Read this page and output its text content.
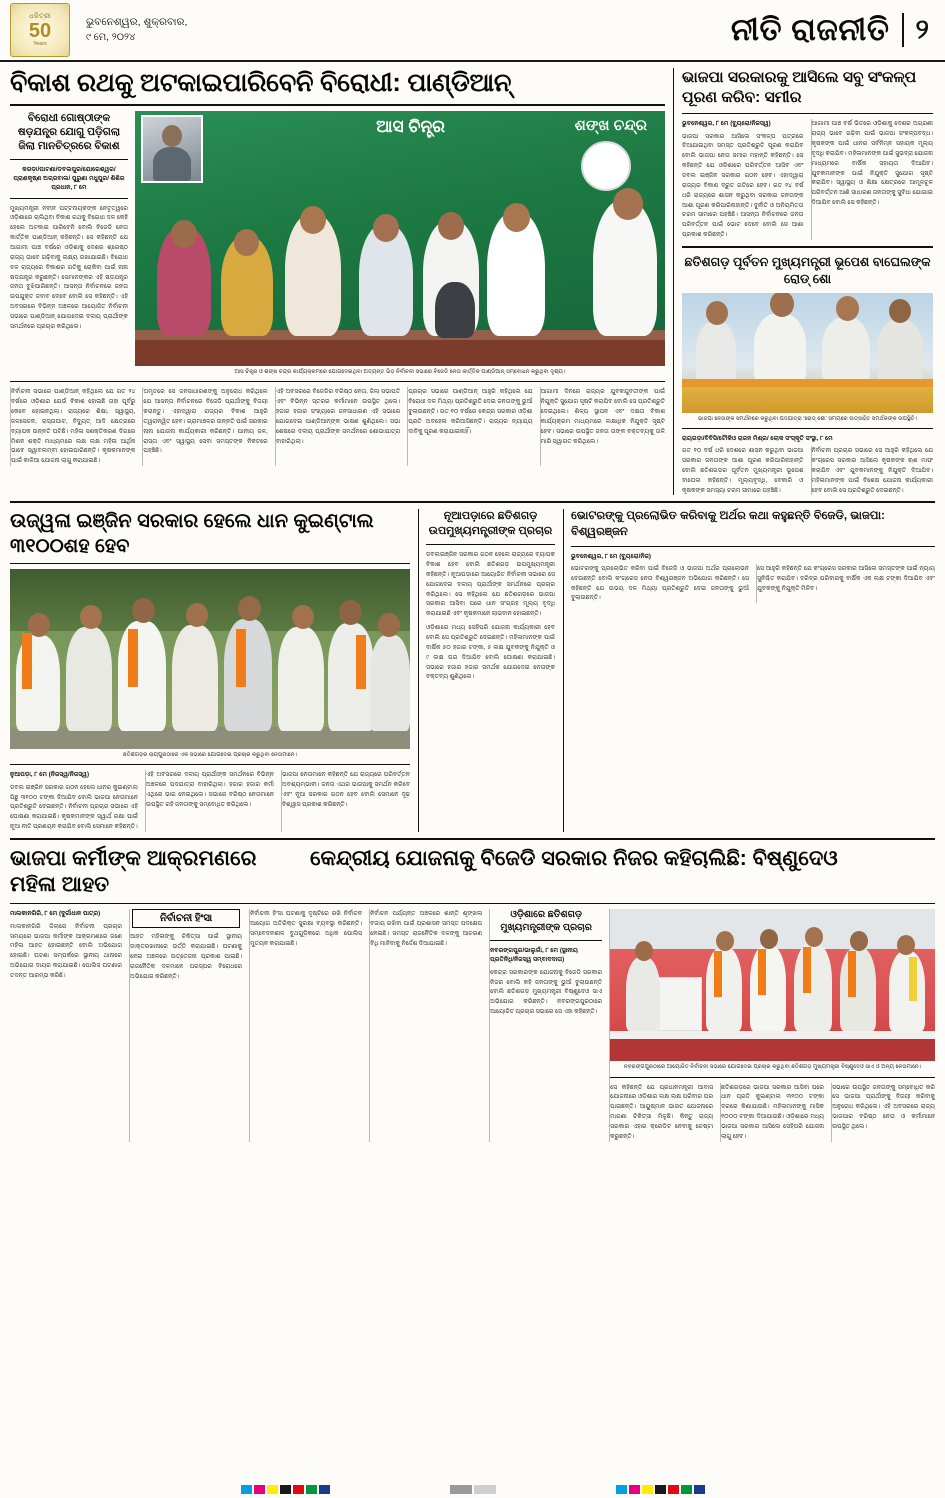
ଧରିତ୍ରୀ
50
Years
ଭୁବନେଶ୍ୱର, ଶୁକ୍ରବାର,
୯ ମେ, ୨୦୨୪	ନୀତି ରାଜନୀତି ୨
ବିକାଶ ରଥକୁ ଅଟକାଇପାରିବେନି ବିରୋଧୀ: ପାଣ୍ଡିଆନ୍
ବିରୋଧୀ ଗୋଷ୍ଠୀଙ୍କ ଷଡ଼ଯନ୍ତ୍ର ଯୋଗୁ ପଡ଼ିଗଲା ଜିଲା ମାନଚିତ୍ରରେ ବିକାଶ
କରଡ଼ା/ପାଟଣା/ଡବଲପୁର/ଯୋଗେଶ୍ୱର/ ପ୍ରାଣକୃଷ୍ଣ ଅଗ୍ରବାଲ/ ପୁରୁଣା ମଧୁପୁର/ ଶିଶିର ପ୍ରଧାନ, ୮ ମେ
ମୁଖ୍ୟମନ୍ତ୍ରୀ ନବୀନ ପଟ୍ଟନାୟକଙ୍କ ନେତୃତ୍ୱରେ ଓଡ଼ିଶାରେ ଚାଲିଥିବା ବିକାଶ ରଥକୁ ବିରୋଧୀ ଦଳ କେହି ହେଲେ ଅଟକାଇ ପାରିବେନି ବୋଲି ବିଜେଡି ନେତା କାର୍ତ୍ତିକ ପାଣ୍ଡିଆନ୍ କହିଛନ୍ତି। ସେ କହିଛନ୍ତି ଯେ ଆଗାମୀ ପାଞ୍ଚ ବର୍ଷରେ ଓଡ଼ିଶାକୁ ଦେଶର ଶ୍ରେଷ୍ଠ ରାଜ୍ୟ ଭାବେ ଗଢ଼ିବାକୁ ଲକ୍ଷ୍ୟ ରଖାଯାଇଛି। ବିରୋଧୀ ଦଳ ରାଜ୍ୟରେ ବିକାଶର ଗତିକୁ ରୋକିବା ପାଇଁ ନାନା ଷଡ଼ଯନ୍ତ୍ର କରୁଛନ୍ତି। ସେମାନଙ୍କର ଏହି ଷଡ଼ଯନ୍ତ୍ର ଜନତା ବୁଝିପାରିଛନ୍ତି। ଆସନ୍ତା ନିର୍ବାଚନରେ ଜନତା ଉପଯୁକ୍ତ ଜବାବ ଦେବେ ବୋଲି ସେ କହିଛନ୍ତି। ଏହି ଅବସରରେ ବିଭିନ୍ନ ଅଞ୍ଚଳରେ ଆୟୋଜିତ ନିର୍ବାଚନୀ ସଭାରେ ପାଣ୍ଡିଆନ୍ ଯୋଗଦେଇ ଦଳୀୟ ପ୍ରାର୍ଥୀଙ୍କ ସମର୍ଥନରେ ପ୍ରଚାର କରିଥିଲେ।
ଆସ ଚିନ୍ତ୍ର	ଶଙ୍ଖ ଚନ୍ଦ୍ର
ଆସ ଚିନ୍ତ୍ର ଓ ଶଙ୍ଖ ଚନ୍ଦ୍ର କାର୍ଯ୍ୟକ୍ରମରେ ଯୋଗଦେଇଥିବା ଅତ୍ୟନ୍ତ ଭିଡ଼ ନିର୍ବାଚନୀ ସଭାରେ ବିଜେଡି ନେତା କାର୍ତ୍ତିକ ପାଣ୍ଡିଆନ୍ ସମ୍ବୋଧନ କରୁଥିବା ଦୃଶ୍ୟ।
ନିର୍ବାଚନୀ ସଭାରେ ପାଣ୍ଡିଆନ୍ କହିଥିଲେ ଯେ ଗତ ୨୪ ବର୍ଷରେ ଓଡ଼ିଶାର ଯେଉଁ ବିକାଶ ହୋଇଛି ତାହା ପୂର୍ବରୁ କେବେ ହୋଇନଥିଲା। ରାଜ୍ୟରେ ଶିକ୍ଷା, ସ୍ୱାସ୍ଥ୍ୟ, ଜଳସେଚନ, ରାସ୍ତାଘାଟ, ବିଦ୍ୟୁତ୍ ଆଦି କ୍ଷେତ୍ରରେ ବ୍ୟାପକ ଉନ୍ନତି ଘଟିଛି। ମହିଳା ସଶକ୍ତିକରଣ ଦିଗରେ ମିଶନ ଶକ୍ତି ମାଧ୍ୟମରେ ଲକ୍ଷ ଲକ୍ଷ ମହିଳା ଆର୍ଥିକ ଭାବେ ସ୍ୱାବଲମ୍ବୀ ହୋଇପାରିଛନ୍ତି। କୃଷକମାନଙ୍କ ପାଇଁ କାଳିଆ ଯୋଜନା ଲାଗୁ କରାଯାଇଛି।
ଅମୃତରେ ସେ ଜନସାଧାରଣଙ୍କୁ ଅନୁରୋଧ କରିଥିଲେ ଯେ ଆସନ୍ତା ନିର୍ବାଚନରେ ବିଜେଡି ପ୍ରାର୍ଥୀଙ୍କୁ ବିଜୟୀ କରାନ୍ତୁ। ଏହାଦ୍ୱାରା ରାଜ୍ୟର ବିକାଶ ଆହୁରି ତ୍ୱରାନ୍ୱିତ ହେବ। ଗ୍ରାମାଞ୍ଚଳର ଉନ୍ନତି ପାଇଁ ସରକାର ନାନା ଯୋଜନା କାର୍ଯ୍ୟକାରୀ କରିଛନ୍ତି। ପାନୀୟ ଜଳ, ରାସ୍ତା ଏବଂ ସ୍ୱାସ୍ଥ୍ୟ ସେବା ସମସ୍ତଙ୍କ ନିକଟରେ ପହଞ୍ଚିଛି।
ଏହି ଅବସରରେ ବିଜେଡିର ବରିଷ୍ଠ ନେତା, ଜିଲା ସଭାପତି ଏବଂ ବିଭିନ୍ନ ସ୍ତରର କର୍ମୀମାନେ ଉପସ୍ଥିତ ଥିଲେ। ହଜାର ହଜାର ସଂଖ୍ୟାରେ ଜନସାଧାରଣ ଏହି ସଭାରେ ଯୋଗଦେଇ ପାଣ୍ଡିଆନ୍ଙ୍କ ଭାଷଣ ଶୁଣିଥିଲେ। ସଭା ଶେଷରେ ଦଳୀୟ ପ୍ରାର୍ଥୀଙ୍କ ସମର୍ଥନରେ ଶୋଭାଯାତ୍ରା ବାହାରିଥିଲା।
ପ୍ରଚାର ସଭାରେ ପାଣ୍ଡିଆନ୍ ଆହୁରି କହିଥିଲେ ଯେ ବିରୋଧୀ ଦଳ ମିଥ୍ୟା ପ୍ରତିଶ୍ରୁତି ଦେଇ ଜନତାଙ୍କୁ ଭୁଆଁ ବୁଲାଉଛନ୍ତି। ଗତ ୧୦ ବର୍ଷରେ କେନ୍ଦ୍ର ସରକାର ଓଡ଼ିଶା ପ୍ରତି ଅବହେଳା କରିଆସିଛନ୍ତି। ରାଜ୍ୟର ନ୍ୟାଯ୍ୟ ଦାବିକୁ ପୂରଣ କରାଯାଇନାହିଁ।
ଆଗାମୀ ଦିନରେ ରାଜ୍ୟର ଯୁବକଯୁବତୀଙ୍କ ପାଇଁ ନିଯୁକ୍ତି ସୁଯୋଗ ସୃଷ୍ଟି କରାଯିବ ବୋଲି ସେ ପ୍ରତିଶ୍ରୁତି ଦେଇଥିଲେ। ଶିଳ୍ପ ସ୍ଥାପନ ଏବଂ ଦକ୍ଷତା ବିକାଶ କାର୍ଯ୍ୟକ୍ରମ ମାଧ୍ୟମରେ ଲକ୍ଷାଧିକ ନିଯୁକ୍ତି ସୃଷ୍ଟି ହେବ। ସଭାରେ ଉପସ୍ଥିତ ଜନତା ତାଙ୍କ ବକ୍ତବ୍ୟକୁ ତାଳି ମାରି ସ୍ୱାଗତ କରିଥିଲେ।
ଭାଜପା ସରକାରକୁ ଆସିଲେ ସବୁ ସଂକଳ୍ପ ପୂରଣ କରିବ: ସମୀର
ଭୁବନେଶ୍ୱର, ୮ ମେ (ବ୍ୟୁରୋ/ନିଜସ୍ୱ)
ଭାଜପା ସରକାର ଆସିଲେ ସଂକଳ୍ପ ପତ୍ରରେ ଦିଆଯାଇଥିବା ସମସ୍ତ ପ୍ରତିଶ୍ରୁତି ପୂରଣ କରାଯିବ ବୋଲି ଭାଜପା ନେତା ସମୀର ମହାନ୍ତି କହିଛନ୍ତି। ସେ କହିଛନ୍ତି ଯେ ଓଡ଼ିଶାରେ ପରିବର୍ତ୍ତନ ଆସିବ ଏବଂ ଡବଲ ଇଞ୍ଜିନ ସରକାର ଗଠନ ହେବ। ଏହାଦ୍ୱାରା ରାଜ୍ୟର ବିକାଶ ଦ୍ରୁତ ଗତିରେ ହେବ। ଗତ ୨୪ ବର୍ଷ ଧରି ରାଜ୍ୟରେ ଶାସନ କରୁଥିବା ସରକାର ଜନତାଙ୍କ ଆଶା ପୂରଣ କରିପାରିନାହାନ୍ତି। ଦୁର୍ନୀତି ଓ ଅନିୟମିତତା ଚରମ ସୀମାରେ ପହଞ୍ଚିଛି। ଆସନ୍ତା ନିର୍ବାଚନରେ ଜନତା ପରିବର୍ତ୍ତନ ପାଇଁ ଭୋଟ ଦେବେ ବୋଲି ସେ ଆଶା ପ୍ରକାଶ କରିଛନ୍ତି।
ଆଗାମୀ ପାଞ୍ଚ ବର୍ଷ ଭିତରେ ଓଡ଼ିଶାକୁ ଦେଶର ଅଗ୍ରଣୀ ରାଜ୍ୟ ଭାବେ ଗଢ଼ିବା ପାଇଁ ଭାଜପା ସଂକଳ୍ପବଦ୍ଧ। କୃଷକଙ୍କ ପାଇଁ ଧାନର ସର୍ବନିମ୍ନ ସହାୟକ ମୂଲ୍ୟ ବୃଦ୍ଧି କରାଯିବ। ମହିଳାମାନଙ୍କ ପାଇଁ ସୁଭଦ୍ରା ଯୋଜନା ମାଧ୍ୟମରେ ବାର୍ଷିକ ସହାୟତା ଦିଆଯିବ। ଯୁବକମାନଙ୍କ ପାଇଁ ନିଯୁକ୍ତି ସୁଯୋଗ ସୃଷ୍ଟି କରାଯିବ। ସ୍ୱାସ୍ଥ୍ୟ ଓ ଶିକ୍ଷା କ୍ଷେତ୍ରରେ ଆମୂଳଚୂଳ ପରିବର୍ତ୍ତନ ଆଣି ସାଧାରଣ ଜନତାଙ୍କୁ ସୁବିଧା ଯୋଗାଇ ଦିଆଯିବ ବୋଲି ସେ କହିଛନ୍ତି।
ଛତିଶଗଡ଼ ପୂର୍ବତନ ମୁଖ୍ୟମନ୍ତ୍ରୀ ଭୂପେଶ ବାଘେଲଙ୍କ ରୋଡ୍ ଶୋ
ଭାଜପା ନେତାଙ୍କ ସମର୍ଥନରେ କରୁଥିବା ପଦଯାତ୍ରା 'ରୋଡ୍ ଶୋ' ସମୟରେ ଉତ୍ସାହିତ ସମର୍ଥକଙ୍କ ଉପସ୍ଥିତି।
ରାୟଗଡ଼ା/ବିବିସି/ଟୌକିଓ ରାଜନ ମିଶ୍ର/ ଲୋକ ସଂସ୍କୃତି ସଂସ୍ଥା, ୮ ମେ
ଗତ ୧୦ ବର୍ଷ ଧରି ଦେଶରେ ଶାସନ କରୁଥିବା ଭାଜପା ସରକାର ଜନତାଙ୍କ ଆଶା ପୂରଣ କରିପାରିନାହାନ୍ତି ବୋଲି ଛତିଶଗଡ଼ର ପୂର୍ବତନ ମୁଖ୍ୟମନ୍ତ୍ରୀ ଭୂପେଶ ବାଘେଲ କହିଛନ୍ତି। ମୂଲ୍ୟବୃଦ୍ଧି, ବେକାରି ଓ କୃଷକଙ୍କ ସମସ୍ୟା ଚରମ ସୀମାରେ ପହଞ୍ଚିଛି।
ନିର୍ବାଚନୀ ପ୍ରଚାର ସଭାରେ ସେ ଆହୁରି କହିଥିଲେ ଯେ କଂଗ୍ରେସ ସରକାର ଆସିଲେ କୃଷକଙ୍କ ଋଣ ମାଫ କରାଯିବ ଏବଂ ଯୁବକମାନଙ୍କୁ ନିଯୁକ୍ତି ଦିଆଯିବ। ମହିଳାମାନଙ୍କ ପାଇଁ ବିଶେଷ ଯୋଜନା କାର୍ଯ୍ୟକାରୀ ହେବ ବୋଲି ସେ ପ୍ରତିଶ୍ରୁତି ଦେଇଛନ୍ତି।
ଉଜ୍ୱଳା ଇଞ୍ଜିନ ସରକାର ହେଲେ ଧାନ କୁଇଣ୍ଟାଲ ୩୧୦୦ଶହ ହେବ
ଛତିଶଗଡ଼ର ରାୟପୁରଠାରେ ଏକ ସଭାରେ ଯୋଗଦେଇ ପ୍ରଚାର କରୁଥିବା ନେତାମାନେ।
ନୁଆପଡ଼ା, ୮ ମେ (ନିଜସ୍ୱ/ନିଜସ୍ୱ)
ଡବଲ ଇଞ୍ଜିନ ସରକାର ଗଠନ ହେଲେ ଧାନର କୁଇଣ୍ଟାଲ ପିଛୁ ୩୧୦୦ ଟଙ୍କା ଦିଆଯିବ ବୋଲି ଭାଜପା ନେତାମାନେ ପ୍ରତିଶ୍ରୁତି ଦେଇଛନ୍ତି। ନିର୍ବାଚନୀ ପ୍ରଚାର ସଭାରେ ଏହି ଘୋଷଣା କରାଯାଇଛି। କୃଷକମାନଙ୍କ ସ୍ୱାର୍ଥ ରକ୍ଷା ପାଇଁ ନୂଆ ନୀତି ପ୍ରଣୟନ କରାଯିବ ବୋଲି ସେମାନେ କହିଛନ୍ତି।
ଏହି ଅବସରରେ ଦଳୀୟ ପ୍ରାର୍ଥୀଙ୍କ ସମର୍ଥନରେ ବିଭିନ୍ନ ଅଞ୍ଚଳରେ ପଦଯାତ୍ରା ବାହାରିଥିଲା। ହଜାର ହଜାର କର୍ମୀ ଏଥିରେ ଭାଗ ନେଇଥିଲେ। ସଭାରେ ବରିଷ୍ଠ ନେତାମାନେ ଉପସ୍ଥିତ ରହି ଜନତାଙ୍କୁ ସମ୍ବୋଧିତ କରିଥିଲେ।
ଭାଜପା ନେତାମାନେ କହିଛନ୍ତି ଯେ ରାଜ୍ୟରେ ପରିବର୍ତ୍ତନ ଅବଶ୍ୟମ୍ଭାବୀ। ଜନତା ଏଥର ଭାଜପାକୁ ସମର୍ଥନ କରିବେ ଏବଂ ନୂଆ ସରକାର ଗଠନ ହେବ ବୋଲି ସେମାନେ ଦୃଢ଼ ବିଶ୍ୱାସ ପ୍ରକାଶ କରିଛନ୍ତି।
ନୂଆପଡ଼ାରେ ଛତିଶଗଡ଼ ଉପମୁଖ୍ୟମନ୍ତ୍ରୀଙ୍କ ପ୍ରଚାର
ଡବଲଇଞ୍ଜିନ ସରକାର ଗଠନ ହେଲେ ରାଜ୍ୟରେ ବ୍ୟାପକ ବିକାଶ ହେବ ବୋଲି ଛତିଶଗଡ଼ ଉପମୁଖ୍ୟମନ୍ତ୍ରୀ କହିଛନ୍ତି। ନୂଆପଡ଼ାରେ ଆୟୋଜିତ ନିର୍ବାଚନୀ ସଭାରେ ସେ ଯୋଗଦେଇ ଦଳୀୟ ପ୍ରାର୍ଥୀଙ୍କ ସମର୍ଥନରେ ପ୍ରଚାର କରିଥିଲେ। ସେ କହିଥିଲେ ଯେ ଛତିଶଗଡ଼ରେ ଭାଜପା ସରକାର ଆସିବା ପରେ ଧାନ ସଂଗ୍ରହ ମୂଲ୍ୟ ବୃଦ୍ଧି କରାଯାଇଛି ଏବଂ କୃଷକମାନେ ଲାଭବାନ ହୋଇଛନ୍ତି।
ଓଡ଼ିଶାରେ ମଧ୍ୟ ସେହିପରି ଯୋଜନା କାର୍ଯ୍ୟକାରୀ ହେବ ବୋଲି ସେ ପ୍ରତିଶ୍ରୁତି ଦେଇଛନ୍ତି। ମହିଳାମାନଙ୍କ ପାଇଁ ବାର୍ଷିକ ୫୦ ହଜାର ଟଙ୍କା, ୫ ଲକ୍ଷ ଯୁବକଙ୍କୁ ନିଯୁକ୍ତି ଓ ୯ ଲକ୍ଷ ଘର ଦିଆଯିବ ବୋଲି ଘୋଷଣା କରାଯାଇଛି। ସଭାରେ ହଜାର ହଜାର ସମର୍ଥକ ଯୋଗଦେଇ ନେତାଙ୍କ ବକ୍ତବ୍ୟ ଶୁଣିଥିଲେ।
ଭୋଟରଙ୍କୁ ପ୍ରଲୋଭିତ କରିବାକୁ ଅର୍ଥର କଥା କହୁଛନ୍ତି ବିଜେଡି, ଭାଜପା: ବିଶ୍ୱରଞ୍ଜନ
ଭୁବନେଶ୍ୱର, ୮ ମେ (ବ୍ୟୁରୋ/ନିଜ)
ଭୋଟରଙ୍କୁ ପ୍ରଲୋଭିତ କରିବା ପାଇଁ ବିଜେଡି ଓ ଭାଜପା ଅର୍ଥର ପ୍ରଲୋଭନ ଦେଉଛନ୍ତି ବୋଲି କଂଗ୍ରେସ ନେତା ବିଶ୍ୱରଞ୍ଜନ ଅଭିଯୋଗ କରିଛନ୍ତି। ସେ କହିଛନ୍ତି ଯେ ଉଭୟ ଦଳ ମିଥ୍ୟା ପ୍ରତିଶ୍ରୁତି ଦେଇ ଜନତାଙ୍କୁ ଭୁଆଁ ବୁଲାଉଛନ୍ତି।
ସେ ଆହୁରି କହିଛନ୍ତି ଯେ କଂଗ୍ରେସ ସରକାର ଆସିଲେ ସମସ୍ତଙ୍କ ପାଇଁ ନ୍ୟାୟ ସୁନିଶ୍ଚିତ କରାଯିବ। ଦରିଦ୍ର ପରିବାରକୁ ବାର୍ଷିକ ଏକ ଲକ୍ଷ ଟଙ୍କା ଦିଆଯିବ ଏବଂ ଯୁବକଙ୍କୁ ନିଯୁକ୍ତି ମିଳିବ।
ଭାଜପା କର୍ମୀଙ୍କ ଆକ୍ରମଣରେ ମହିଳା ଆହତ
କେନ୍ଦ୍ରୀୟ ଯୋଜନାକୁ ବିଜେଡି ସରକାର ନିଜର କହିଚାଲିଛି: ବିଷ୍ଣୁଦେଓ
ମାଲକାନଗିରି, ୮ ମେ (ଦୁର୍ଗାଧାନ ପାତ୍ର)
ମାଲକାନଗିରି ଜିଲାରେ ନିର୍ବାଚନୀ ପ୍ରଚାର ସମୟରେ ଭାଜପା କର୍ମୀଙ୍କ ଆକ୍ରମଣରେ ଜଣେ ମହିଳା ଆହତ ହୋଇଛନ୍ତି ବୋଲି ଅଭିଯୋଗ ହୋଇଛି। ଘଟଣା ସମ୍ପର୍କରେ ସ୍ଥାନୀୟ ଥାନାରେ ଅଭିଯୋଗ ଦାୟର କରାଯାଇଛି। ପୋଲିସ ଘଟଣାର ତଦନ୍ତ ଆରମ୍ଭ କରିଛି।
ନିର୍ବାଚନୀ ହିଂସା
ଆହତ ମହିଳାଙ୍କୁ ଚିକିତ୍ସା ପାଇଁ ସ୍ଥାନୀୟ ଡାକ୍ତରଖାନାରେ ଭର୍ତ୍ତି କରାଯାଇଛି। ଘଟଣାକୁ ନେଇ ଅଞ୍ଚଳରେ ଉତ୍ତେଜନା ପ୍ରକାଶ ପାଇଛି। ରାଜନୈତିକ ଦଳମାନେ ପରସ୍ପର ବିରୋଧରେ ଅଭିଯୋଗ କରିଛନ୍ତି।
ନିର୍ବାଚନୀ ହିଂସା ଘଟଣାକୁ ଦୃଷ୍ଟିରେ ରଖି ନିର୍ବାଚନ ଆୟୋଗ ଅତିରିକ୍ତ ସୁରକ୍ଷା ବ୍ୟବସ୍ଥା କରିଛନ୍ତି। ସମ୍ବେଦନଶୀଳ ବୁଥଗୁଡ଼ିକରେ ଅଧିକ ପୋଲିସ ମୁତୟନ କରାଯାଇଛି।
ନିର୍ବାଚନ ପର୍ଯ୍ୟନ୍ତ ଅଞ୍ଚଳରେ ଶାନ୍ତି ଶୃଙ୍ଖଳା ବଜାୟ ରଖିବା ପାଇଁ ପ୍ରଶାସନ ସମସ୍ତ ପଦକ୍ଷେପ ନେଇଛି। ସମସ୍ତ ରାଜନୈତିକ ଦଳଙ୍କୁ ଆଚରଣ ବିଧି ମାନିବାକୁ ନିର୍ଦ୍ଦେଶ ଦିଆଯାଇଛି।
ଓଡ଼ିଶାରେ ଛତିଶଗଡ଼ ମୁଖ୍ୟମନ୍ତ୍ରୀଙ୍କ ପ୍ରଚାର
ନବରଙ୍ଗପୁର/ଭାଲୁଗାଁ, ୮ ମେ (ସ୍ଥାନୀୟ ପ୍ରତିନିଧି/ନିଜସ୍ୱ ସମ୍ବାଦଦାତା)
କେନ୍ଦ୍ର ସରକାରଙ୍କ ଯୋଜନାକୁ ବିଜେଡି ସରକାର ନିଜର ବୋଲି କହି ଜନତାଙ୍କୁ ଭୁଆଁ ବୁଲାଉଛନ୍ତି ବୋଲି ଛତିଶଗଡ଼ ମୁଖ୍ୟମନ୍ତ୍ରୀ ବିଷ୍ଣୁଦେଓ ସାଏ ଅଭିଯୋଗ କରିଛନ୍ତି। ନବରଙ୍ଗପୁରଠାରେ ଆୟୋଜିତ ପ୍ରଚାର ସଭାରେ ସେ ଏହା କହିଛନ୍ତି।
ନବରଙ୍ଗପୁରଠାରେ ଆୟୋଜିତ ନିର୍ବାଚନୀ ସଭାରେ ଯୋଗଦେଇ ପ୍ରଚାର କରୁଥିବା ଛତିଶଗଡ଼ ମୁଖ୍ୟମନ୍ତ୍ରୀ ବିଷ୍ଣୁଦେଓ ସାଏ ଓ ଅନ୍ୟ ନେତାମାନେ।
ସେ କହିଛନ୍ତି ଯେ ପ୍ରଧାନମନ୍ତ୍ରୀ ଆବାସ ଯୋଜନାରେ ଓଡ଼ିଶାର ଲକ୍ଷ ଲକ୍ଷ ପରିବାର ଘର ପାଇଛନ୍ତି। ଆୟୁଷ୍ମାନ ଭାରତ ଯୋଜନାରେ ମାଗଣା ଚିକିତ୍ସା ମିଳୁଛି। କିନ୍ତୁ ରାଜ୍ୟ ସରକାର ଏହାର କ୍ରେଡିଟ ନେବାକୁ ଚେଷ୍ଟା କରୁଛନ୍ତି।
ଛତିଶଗଡ଼ରେ ଭାଜପା ସରକାର ଆସିବା ପରେ ଧାନ ପ୍ରତି କୁଇଣ୍ଟାଲ ୩୧୦୦ ଟଙ୍କା ଦରରେ କିଣାଯାଉଛି। ମହିଳାମାନଙ୍କୁ ମାସିକ ୧୦୦୦ ଟଙ୍କା ଦିଆଯାଉଛି। ଓଡ଼ିଶାରେ ମଧ୍ୟ ଭାଜପା ସରକାର ଆସିଲେ ସେହିପରି ଯୋଜନା ଲାଗୁ ହେବ।
ସଭାରେ ଉପସ୍ଥିତ ଜନତାଙ୍କୁ ସମ୍ବୋଧିତ କରି ସେ ଭାଜପା ପ୍ରାର୍ଥୀଙ୍କୁ ବିଜୟୀ କରିବାକୁ ଅନୁରୋଧ କରିଥିଲେ। ଏହି ଅବସରରେ ରାଜ୍ୟ ଭାଜପାର ବରିଷ୍ଠ ନେତା ଓ କର୍ମୀମାନେ ଉପସ୍ଥିତ ଥିଲେ।
